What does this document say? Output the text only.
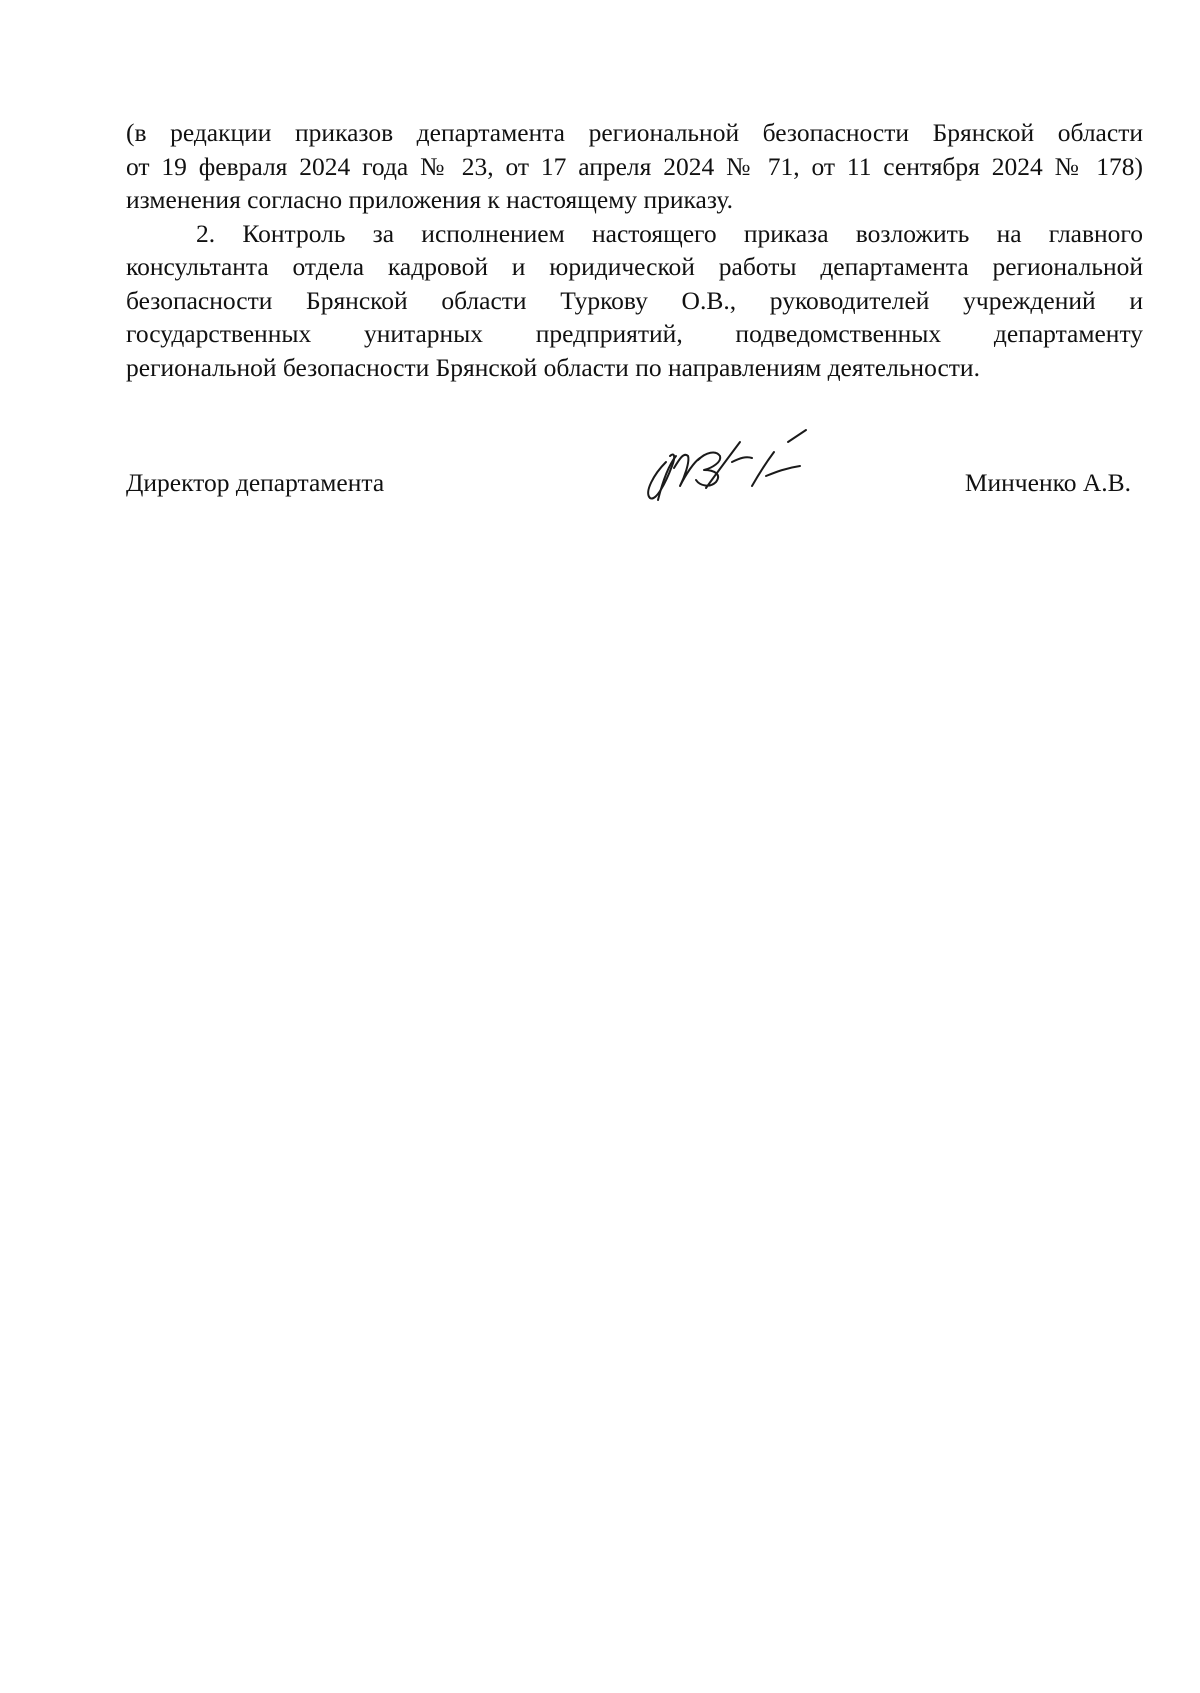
(в редакции приказов департамента региональной безопасности Брянской области
от 19 февраля 2024 года № 23, от 17 апреля 2024 № 71, от 11 сентября 2024 № 178)
изменения согласно приложения к настоящему приказу.

2. Контроль за исполнением настоящего приказа возложить на главного
консультанта отдела кадровой и юридической работы департамента региональной
безопасности Брянской области Туркову О.В., руководителей учреждений и
государственных унитарных предприятий, подведомственных департаменту
региональной безопасности Брянской области по направлениям деятельности.

Директор департамента	Минченко А.В.
